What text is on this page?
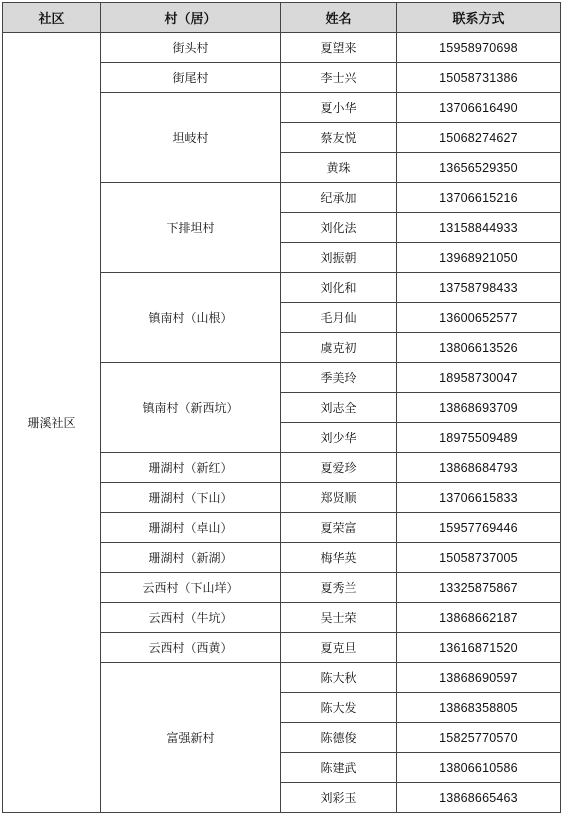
社区	村（居）	姓名	联系方式
珊溪社区	街头村	夏望来	15958970698
	街尾村	李士兴	15058731386
	坦岐村	夏小华	13706616490
		蔡友悦	15068274627
		黄珠	13656529350
	下排坦村	纪承加	13706615216
		刘化法	13158844933
		刘振朝	13968921050
	镇南村（山根）	刘化和	13758798433
		毛月仙	13600652577
		虞克初	13806613526
	镇南村（新西坑）	季美玲	18958730047
		刘志全	13868693709
		刘少华	18975509489
	珊湖村（新红）	夏爱珍	13868684793
	珊湖村（下山）	郑贤顺	13706615833
	珊湖村（卓山）	夏荣富	15957769446
	珊湖村（新湖）	梅华英	15058737005
	云西村（下山垟）	夏秀兰	13325875867
	云西村（牛坑）	吴士荣	13868662187
	云西村（西黄）	夏克旦	13616871520
	富强新村	陈大秋	13868690597
		陈大发	13868358805
		陈德俊	15825770570
		陈建武	13806610586
		刘彩玉	13868665463
